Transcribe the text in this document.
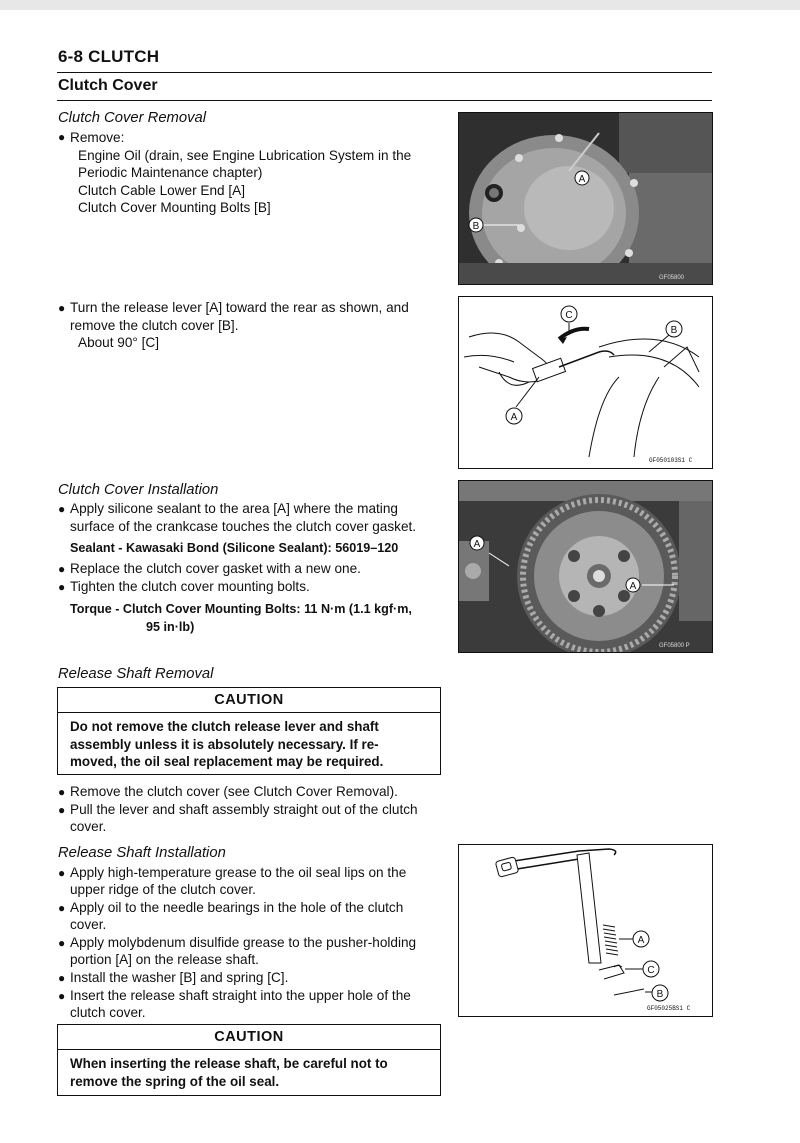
6-8 CLUTCH
Clutch Cover
Clutch Cover Removal
● Remove:
Engine Oil (drain, see Engine Lubrication System in the
Periodic Maintenance chapter)
Clutch Cable Lower End [A]
Clutch Cover Mounting Bolts [B]
● Turn the release lever [A] toward the rear as shown, and
remove the clutch cover [B].
About 90° [C]
A
B
GF05800
C
B
A
GF050103S1 C
Clutch Cover Installation
● Apply silicone sealant to the area [A] where the mating
surface of the crankcase touches the clutch cover gasket.
Sealant - Kawasaki Bond (Silicone Sealant): 56019–120
● Replace the clutch cover gasket with a new one.
● Tighten the clutch cover mounting bolts.
Torque - Clutch Cover Mounting Bolts: 11 N·m (1.1 kgf·m,
95 in·lb)
A
A
GF05800 P
Release Shaft Removal
CAUTION
Do not remove the clutch release lever and shaft
assembly unless it is absolutely necessary. If re-
moved, the oil seal replacement may be required.
● Remove the clutch cover (see Clutch Cover Removal).
● Pull the lever and shaft assembly straight out of the clutch
cover.
Release Shaft Installation
● Apply high-temperature grease to the oil seal lips on the
upper ridge of the clutch cover.
● Apply oil to the needle bearings in the hole of the clutch
cover.
● Apply molybdenum disulfide grease to the pusher-holding
portion [A] on the release shaft.
● Install the washer [B] and spring [C].
● Insert the release shaft straight into the upper hole of the
clutch cover.
CAUTION
When inserting the release shaft, be careful not to
remove the spring of the oil seal.
A
C
B
GF05025BS1 C
